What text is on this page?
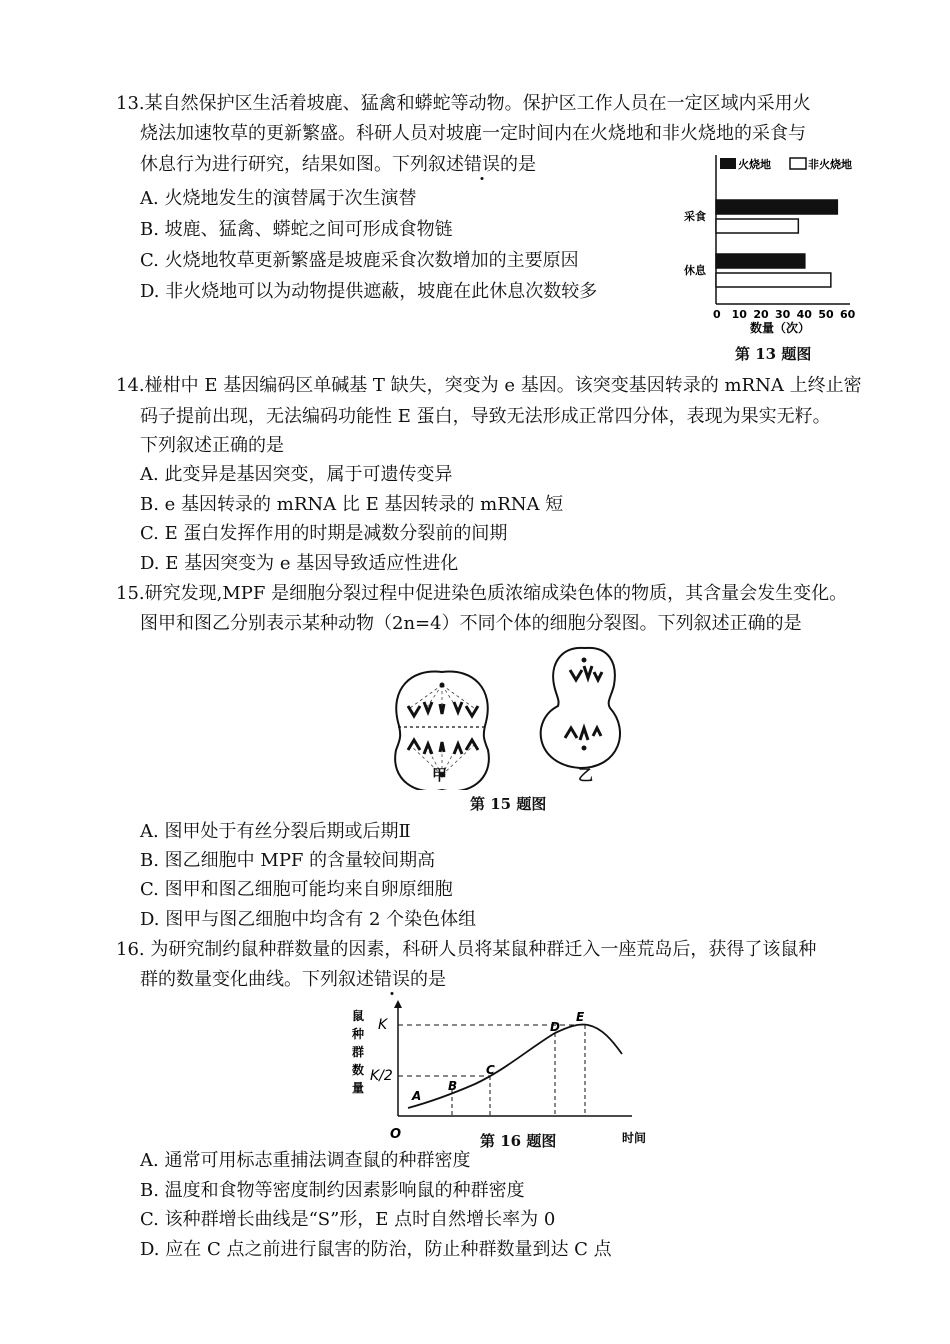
13.某自然保护区生活着坡鹿、猛禽和蟒蛇等动物。保护区工作人员在一定区域内采用火
烧法加速牧草的更新繁盛。科研人员对坡鹿一定时间内在火烧地和非火烧地的采食与
休息行为进行研究，结果如图。下列叙述错误的是
A. 火烧地发生的演替属于次生演替
B. 坡鹿、猛禽、蟒蛇之间可形成食物链
C. 火烧地牧草更新繁盛是坡鹿采食次数增加的主要原因
D. 非火烧地可以为动物提供遮蔽，坡鹿在此休息次数较多
火烧地	非火烧地
采食
休息
0 10 20 30 40 50 60
数量（次）
第 13 题图
14.椪柑中 E 基因编码区单碱基 T 缺失，突变为 e 基因。该突变基因转录的 mRNA 上终止密
码子提前出现，无法编码功能性 E 蛋白，导致无法形成正常四分体，表现为果实无籽。
下列叙述正确的是
A. 此变异是基因突变，属于可遗传变异
B. e 基因转录的 mRNA 比 E 基因转录的 mRNA 短
C. E 蛋白发挥作用的时期是减数分裂前的间期
D. E 基因突变为 e 基因导致适应性进化
15.研究发现,MPF 是细胞分裂过程中促进染色质浓缩成染色体的物质，其含量会发生变化。
图甲和图乙分别表示某种动物（2n=4）不同个体的细胞分裂图。下列叙述正确的是
甲	乙
第 15 题图
A. 图甲处于有丝分裂后期或后期Ⅱ
B. 图乙细胞中 MPF 的含量较间期高
C. 图甲和图乙细胞可能均来自卵原细胞
D. 图甲与图乙细胞中均含有 2 个染色体组
16. 为研究制约鼠种群数量的因素，科研人员将某鼠种群迁入一座荒岛后，获得了该鼠种
群的数量变化曲线。下列叙述错误的是
鼠
种
群
数
量
K
K/2
O
A
B
C
D
E
时间
第 16 题图
A. 通常可用标志重捕法调查鼠的种群密度
B. 温度和食物等密度制约因素影响鼠的种群密度
C. 该种群增长曲线是“S”形，E 点时自然增长率为 0
D. 应在 C 点之前进行鼠害的防治，防止种群数量到达 C 点
